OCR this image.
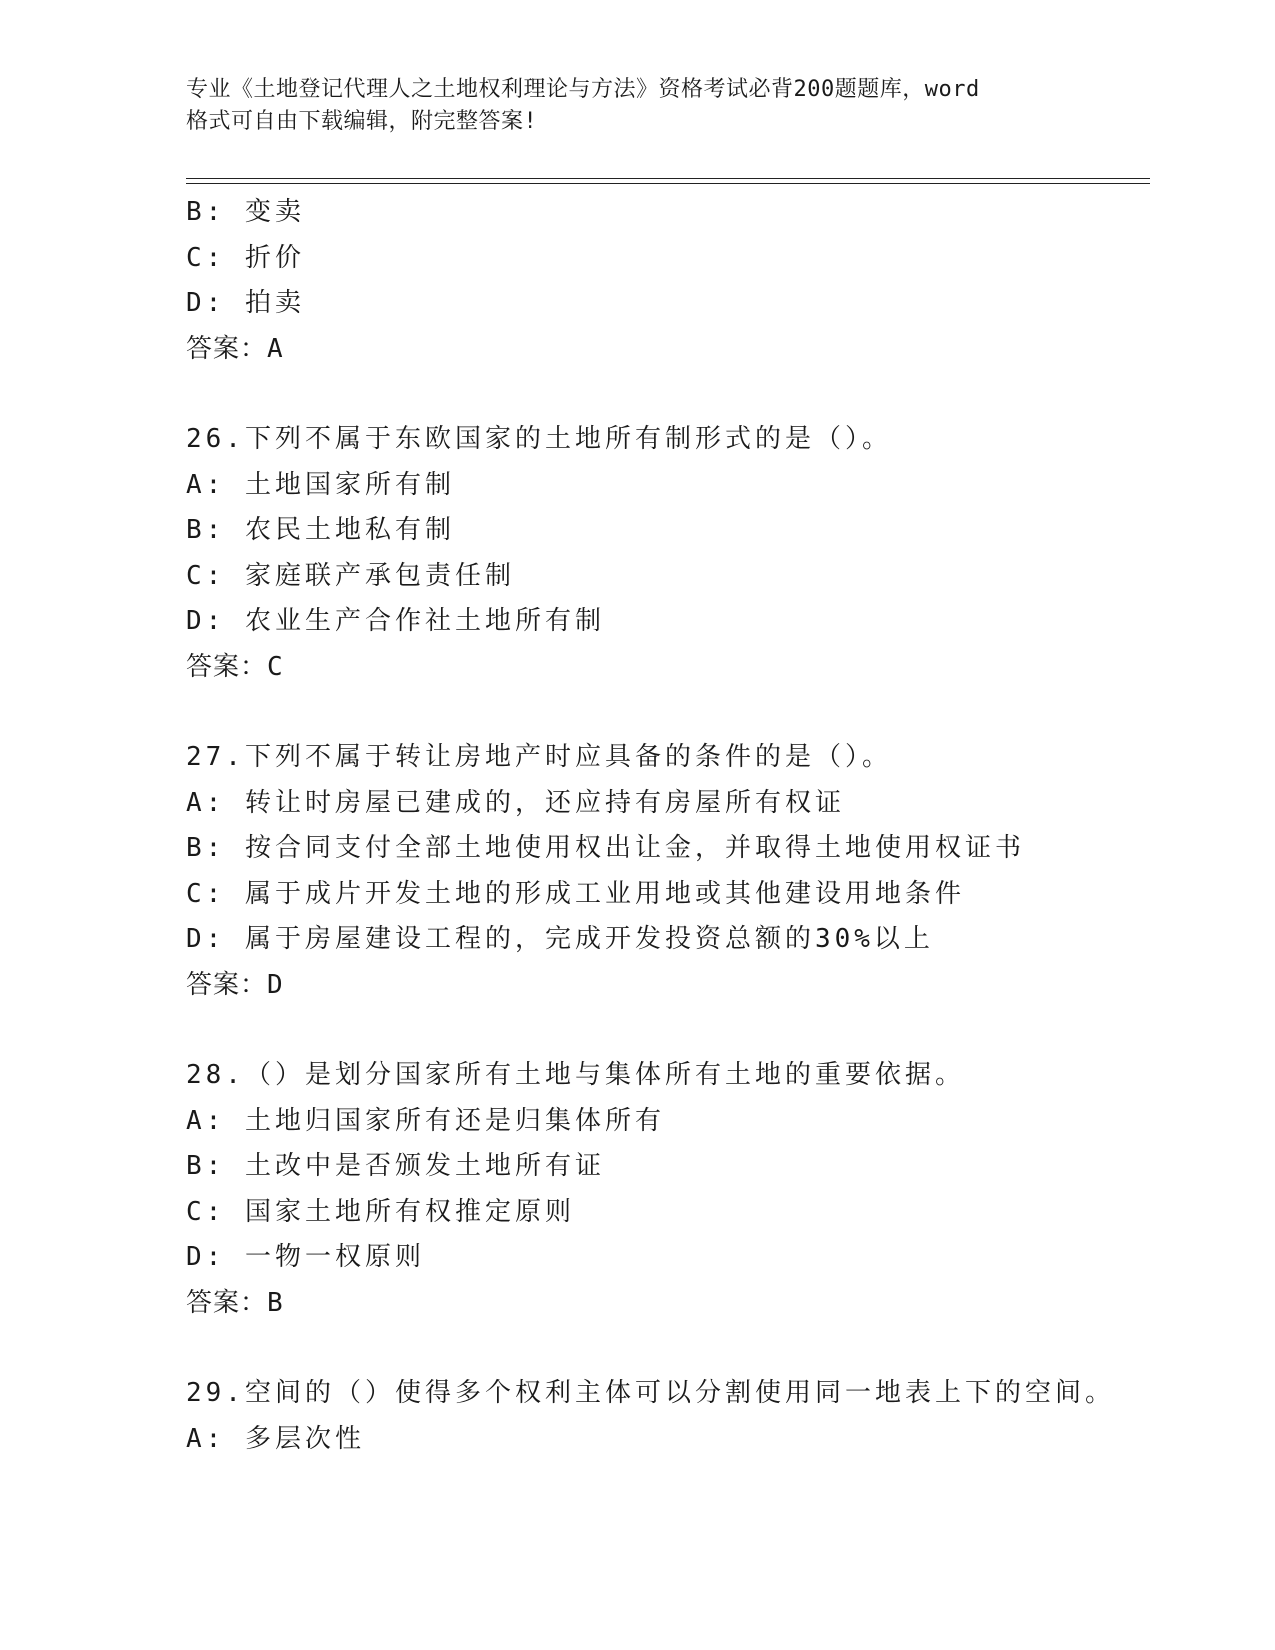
专业《土地登记代理人之土地权利理论与方法》资格考试必背200题题库，word
格式可自由下载编辑，附完整答案!
B: 变卖
C: 折价
D: 拍卖
答案：A
26.下列不属于东欧国家的土地所有制形式的是（）。
A: 土地国家所有制
B: 农民土地私有制
C: 家庭联产承包责任制
D: 农业生产合作社土地所有制
答案：C
27.下列不属于转让房地产时应具备的条件的是（）。
A: 转让时房屋已建成的，还应持有房屋所有权证
B: 按合同支付全部土地使用权出让金，并取得土地使用权证书
C: 属于成片开发土地的形成工业用地或其他建设用地条件
D: 属于房屋建设工程的，完成开发投资总额的30%以上
答案：D
28.（）是划分国家所有土地与集体所有土地的重要依据。
A: 土地归国家所有还是归集体所有
B: 土改中是否颁发土地所有证
C: 国家土地所有权推定原则
D: 一物一权原则
答案：B
29.空间的（）使得多个权利主体可以分割使用同一地表上下的空间。
A: 多层次性
